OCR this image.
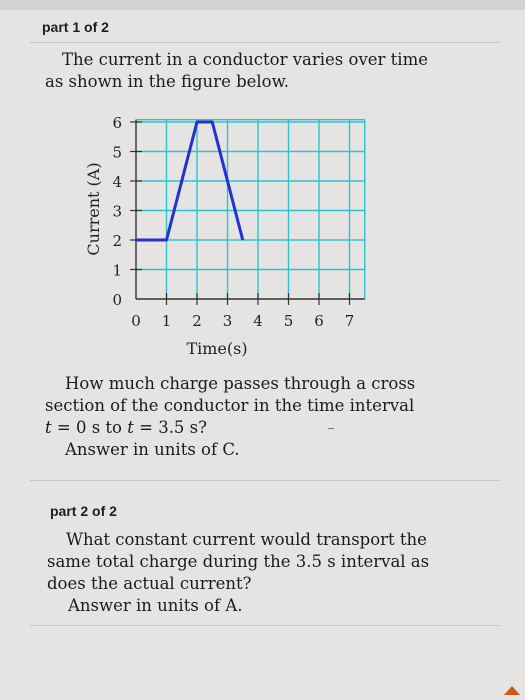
part 1 of 2

The current in a conductor varies over time

as shown in the figure below.

0
1
2
3
4
5
6
0 1 2 3 4 5 6 7
Current (A)
Time(s)

How much charge passes through a cross

section of the conductor in the time interval

t = 0 s to t = 3.5 s?

Answer in units of C.

part 2 of 2

What constant current would transport the

same total charge during the 3.5 s interval as

does the actual current?

Answer in units of A.
